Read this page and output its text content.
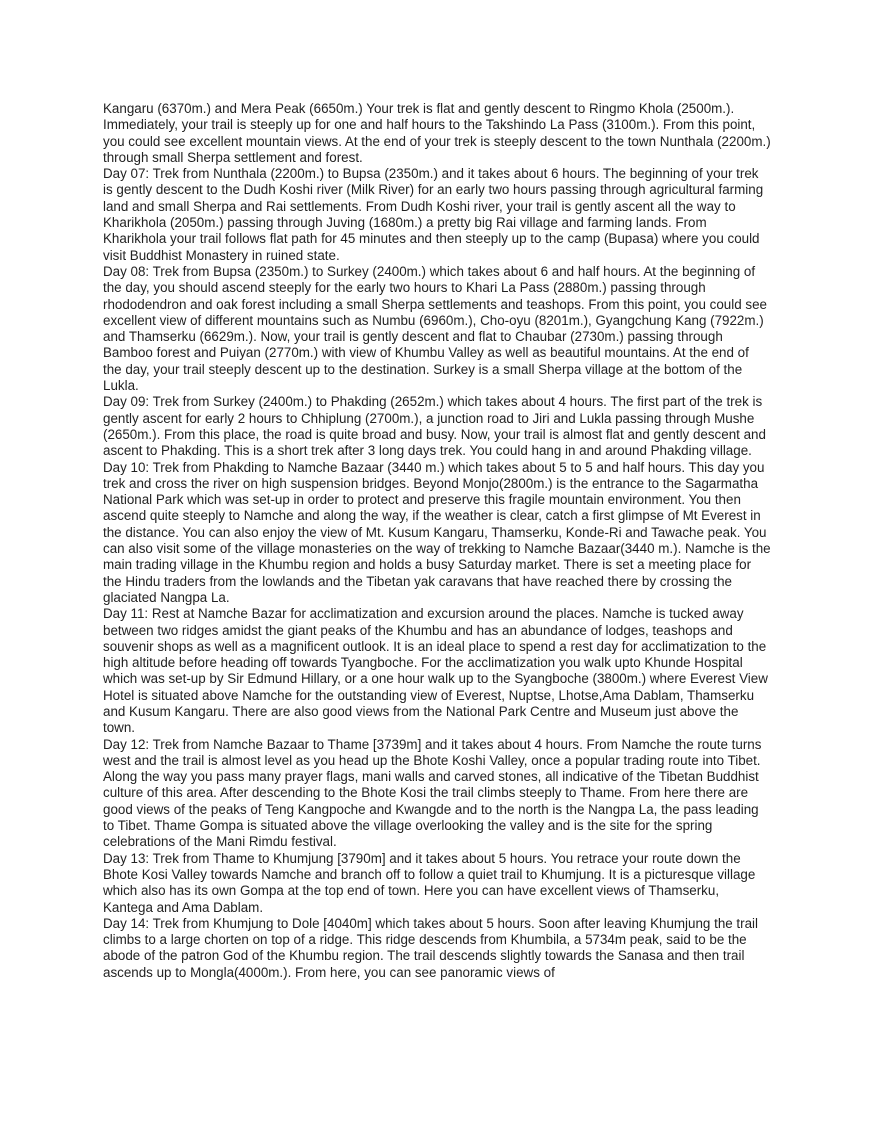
Kangaru (6370m.) and Mera Peak (6650m.) Your trek is flat and gently descent to Ringmo Khola (2500m.). Immediately, your trail is steeply up for one and half hours to the Takshindo La Pass (3100m.). From this point, you could see excellent mountain views. At the end of your trek is steeply descent to the town Nunthala (2200m.) through small Sherpa settlement and forest.

Day 07: Trek from Nunthala (2200m.) to Bupsa (2350m.) and it takes about 6 hours. The beginning of your trek is gently descent to the Dudh Koshi river (Milk River) for an early two hours passing through agricultural farming land and small Sherpa and Rai settlements. From Dudh Koshi river, your trail is gently ascent all the way to Kharikhola (2050m.) passing through Juving (1680m.) a pretty big Rai village and farming lands. From Kharikhola your trail follows flat path for 45 minutes and then steeply up to the camp (Bupasa) where you could visit Buddhist Monastery in ruined state.

Day 08: Trek from Bupsa (2350m.) to Surkey (2400m.) which takes about 6 and half hours. At the beginning of the day, you should ascend steeply for the early two hours to Khari La Pass (2880m.) passing through rhododendron and oak forest including a small Sherpa settlements and teashops. From this point, you could see excellent view of different mountains such as Numbu (6960m.), Cho-oyu (8201m.), Gyangchung Kang (7922m.) and Thamserku (6629m.). Now, your trail is gently descent and flat to Chaubar (2730m.) passing through Bamboo forest and Puiyan (2770m.) with view of Khumbu Valley as well as beautiful mountains. At the end of the day, your trail steeply descent up to the destination. Surkey is a small Sherpa village at the bottom of the Lukla.

Day 09: Trek from Surkey (2400m.) to Phakding (2652m.) which takes about 4 hours. The first part of the trek is gently ascent for early 2 hours to Chhiplung (2700m.), a junction road to Jiri and Lukla passing through Mushe (2650m.). From this place, the road is quite broad and busy. Now, your trail is almost flat and gently descent and ascent to Phakding. This is a short trek after 3 long days trek. You could hang in and around Phakding village.

Day 10: Trek from Phakding to Namche Bazaar (3440 m.) which takes about 5 to 5 and half hours. This day you trek and cross the river on high suspension bridges. Beyond Monjo(2800m.) is the entrance to the Sagarmatha National Park which was set-up in order to protect and preserve this fragile mountain environment. You then ascend quite steeply to Namche and along the way, if the weather is clear, catch a first glimpse of Mt Everest in the distance. You can also enjoy the view of Mt. Kusum Kangaru, Thamserku, Konde-Ri and Tawache peak. You can also visit some of the village monasteries on the way of trekking to Namche Bazaar(3440 m.). Namche is the main trading village in the Khumbu region and holds a busy Saturday market. There is set a meeting place for the Hindu traders from the lowlands and the Tibetan yak caravans that have reached there by crossing the glaciated Nangpa La.

Day 11: Rest at Namche Bazar for acclimatization and excursion around the places. Namche is tucked away between two ridges amidst the giant peaks of the Khumbu and has an abundance of lodges, teashops and souvenir shops as well as a magnificent outlook. It is an ideal place to spend a rest day for acclimatization to the high altitude before heading off towards Tyangboche. For the acclimatization you walk upto Khunde Hospital which was set-up by Sir Edmund Hillary, or a one hour walk up to the Syangboche (3800m.) where Everest View Hotel is situated above Namche for the outstanding view of Everest, Nuptse, Lhotse,Ama Dablam, Thamserku and Kusum Kangaru. There are also good views from the National Park Centre and Museum just above the town.

Day 12: Trek from Namche Bazaar to Thame [3739m] and it takes about 4 hours. From Namche the route turns west and the trail is almost level as you head up the Bhote Koshi Valley, once a popular trading route into Tibet. Along the way you pass many prayer flags, mani walls and carved stones, all indicative of the Tibetan Buddhist culture of this area. After descending to the Bhote Kosi the trail climbs steeply to Thame. From here there are good views of the peaks of Teng Kangpoche and Kwangde and to the north is the Nangpa La, the pass leading to Tibet. Thame Gompa is situated above the village overlooking the valley and is the site for the spring celebrations of the Mani Rimdu festival.

Day 13: Trek from Thame to Khumjung [3790m] and it takes about 5 hours. You retrace your route down the Bhote Kosi Valley towards Namche and branch off to follow a quiet trail to Khumjung. It is a picturesque village which also has its own Gompa at the top end of town. Here you can have excellent views of Thamserku, Kantega and Ama Dablam.

Day 14: Trek from Khumjung to Dole [4040m] which takes about 5 hours. Soon after leaving Khumjung the trail climbs to a large chorten on top of a ridge. This ridge descends from Khumbila, a 5734m peak, said to be the abode of the patron God of the Khumbu region. The trail descends slightly towards the Sanasa and then trail ascends up to Mongla(4000m.). From here, you can see panoramic views of
